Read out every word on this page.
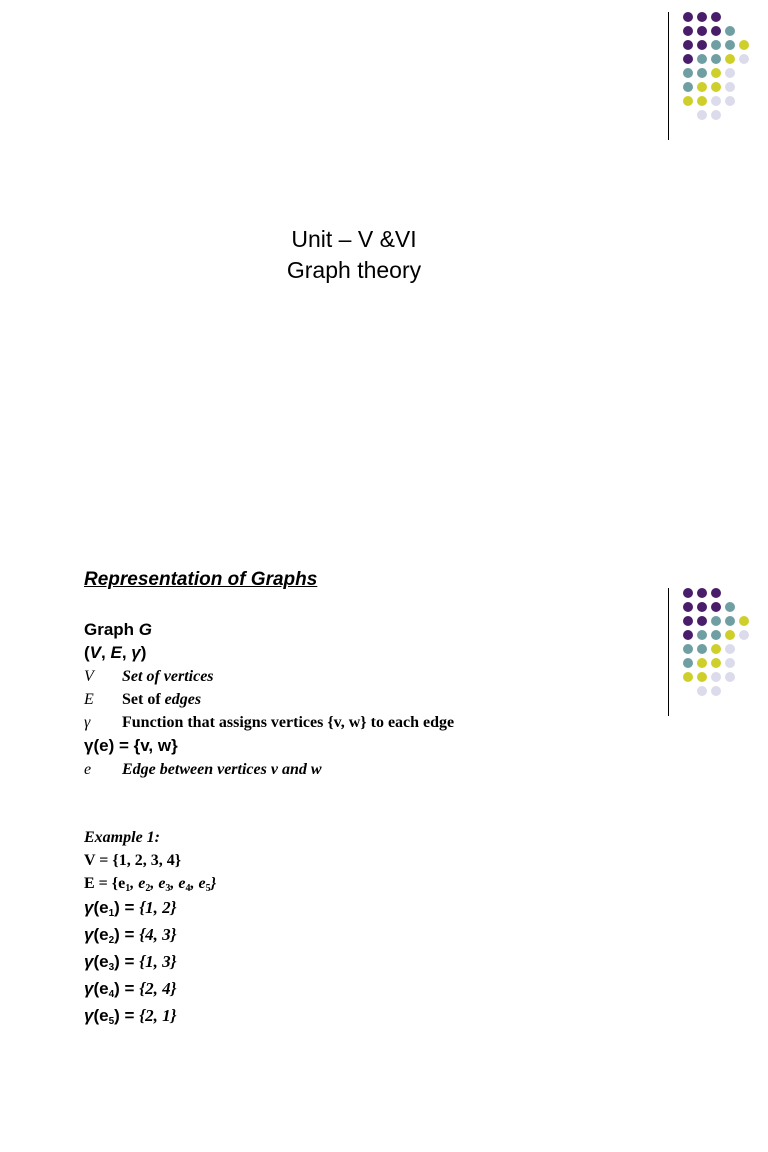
Unit – V &VI
Graph theory
Representation of Graphs
Graph G
(V, E, γ)
V Set of vertices
E Set of edges
γ Function that assigns vertices {v, w} to each edge
γ(e) = {v, w}
e Edge between vertices v and w
Example 1:
V = {1, 2, 3, 4}
$E = \{e_1$, $e_2$, $e_3$, $e_4$, $e_5$}
$\gamma(e_1) = \{1$, 2}
$\gamma(e_2) = \{4$, 3}
$\gamma(e_3) = \{1$, 3}
$\gamma(e_4) = \{2$, 4}
$\gamma(e_5) = \{2$, 1}
